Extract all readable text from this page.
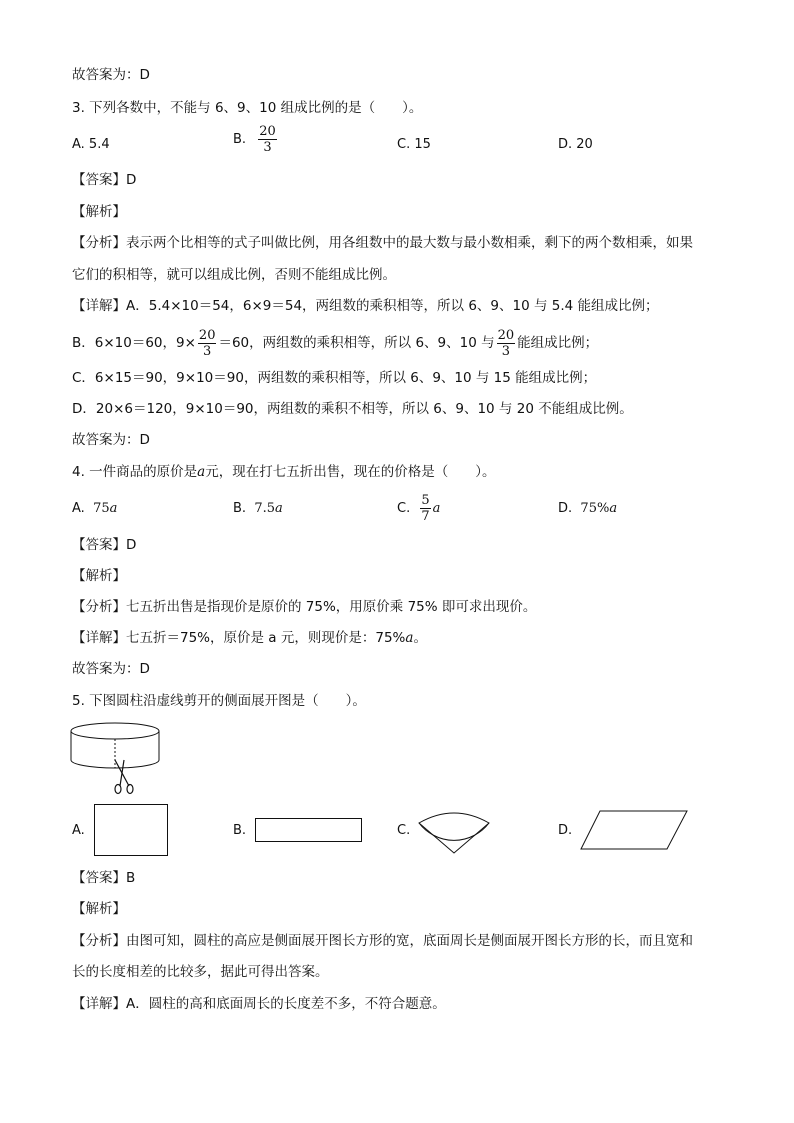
故答案为：D
3. 下列各数中，不能与 6、9、10 组成比例的是（　　）。
A. 5.4	B. $\frac{20}{3}$	C. 15	D. 20
【答案】D
【解析】
【分析】表示两个比相等的式子叫做比例，用各组数中的最大数与最小数相乘，剩下的两个数相乘，如果
它们的积相等，就可以组成比例，否则不能组成比例。
【详解】A．5.4×10＝54，6×9＝54，两组数的乘积相等，所以 6、9、10 与 5.4 能组成比例；
B．6×10＝60，$9\times \frac{20}{3} =60$，两组数的乘积相等，所以 6、9、10 与 $\frac{20}{3}$ 能组成比例；
C．6×15＝90，9×10＝90，两组数的乘积相等，所以 6、9、10 与 15 能组成比例；
D．20×6＝120，9×10＝90，两组数的乘积不相等，所以 6、9、10 与 20 不能组成比例。
故答案为：D
4. 一件商品的原价是a元，现在打七五折出售，现在的价格是（　　）。
A. 75a	B. 7.5a	C. $\frac{5}{7}$ a	D. 75%a
【答案】D
【解析】
【分析】七五折出售是指现价是原价的 75%，用原价乘 75% 即可求出现价。
【详解】七五折＝75%，原价是 a 元，则现价是：75%a。
故答案为：D
5. 下图圆柱沿虚线剪开的侧面展开图是（　　）。
A.	B.	C.	D.
【答案】B
【解析】
【分析】由图可知，圆柱的高应是侧面展开图长方形的宽，底面周长是侧面展开图长方形的长，而且宽和
长的长度相差的比较多，据此可得出答案。
【详解】A．圆柱的高和底面周长的长度差不多，不符合题意。
